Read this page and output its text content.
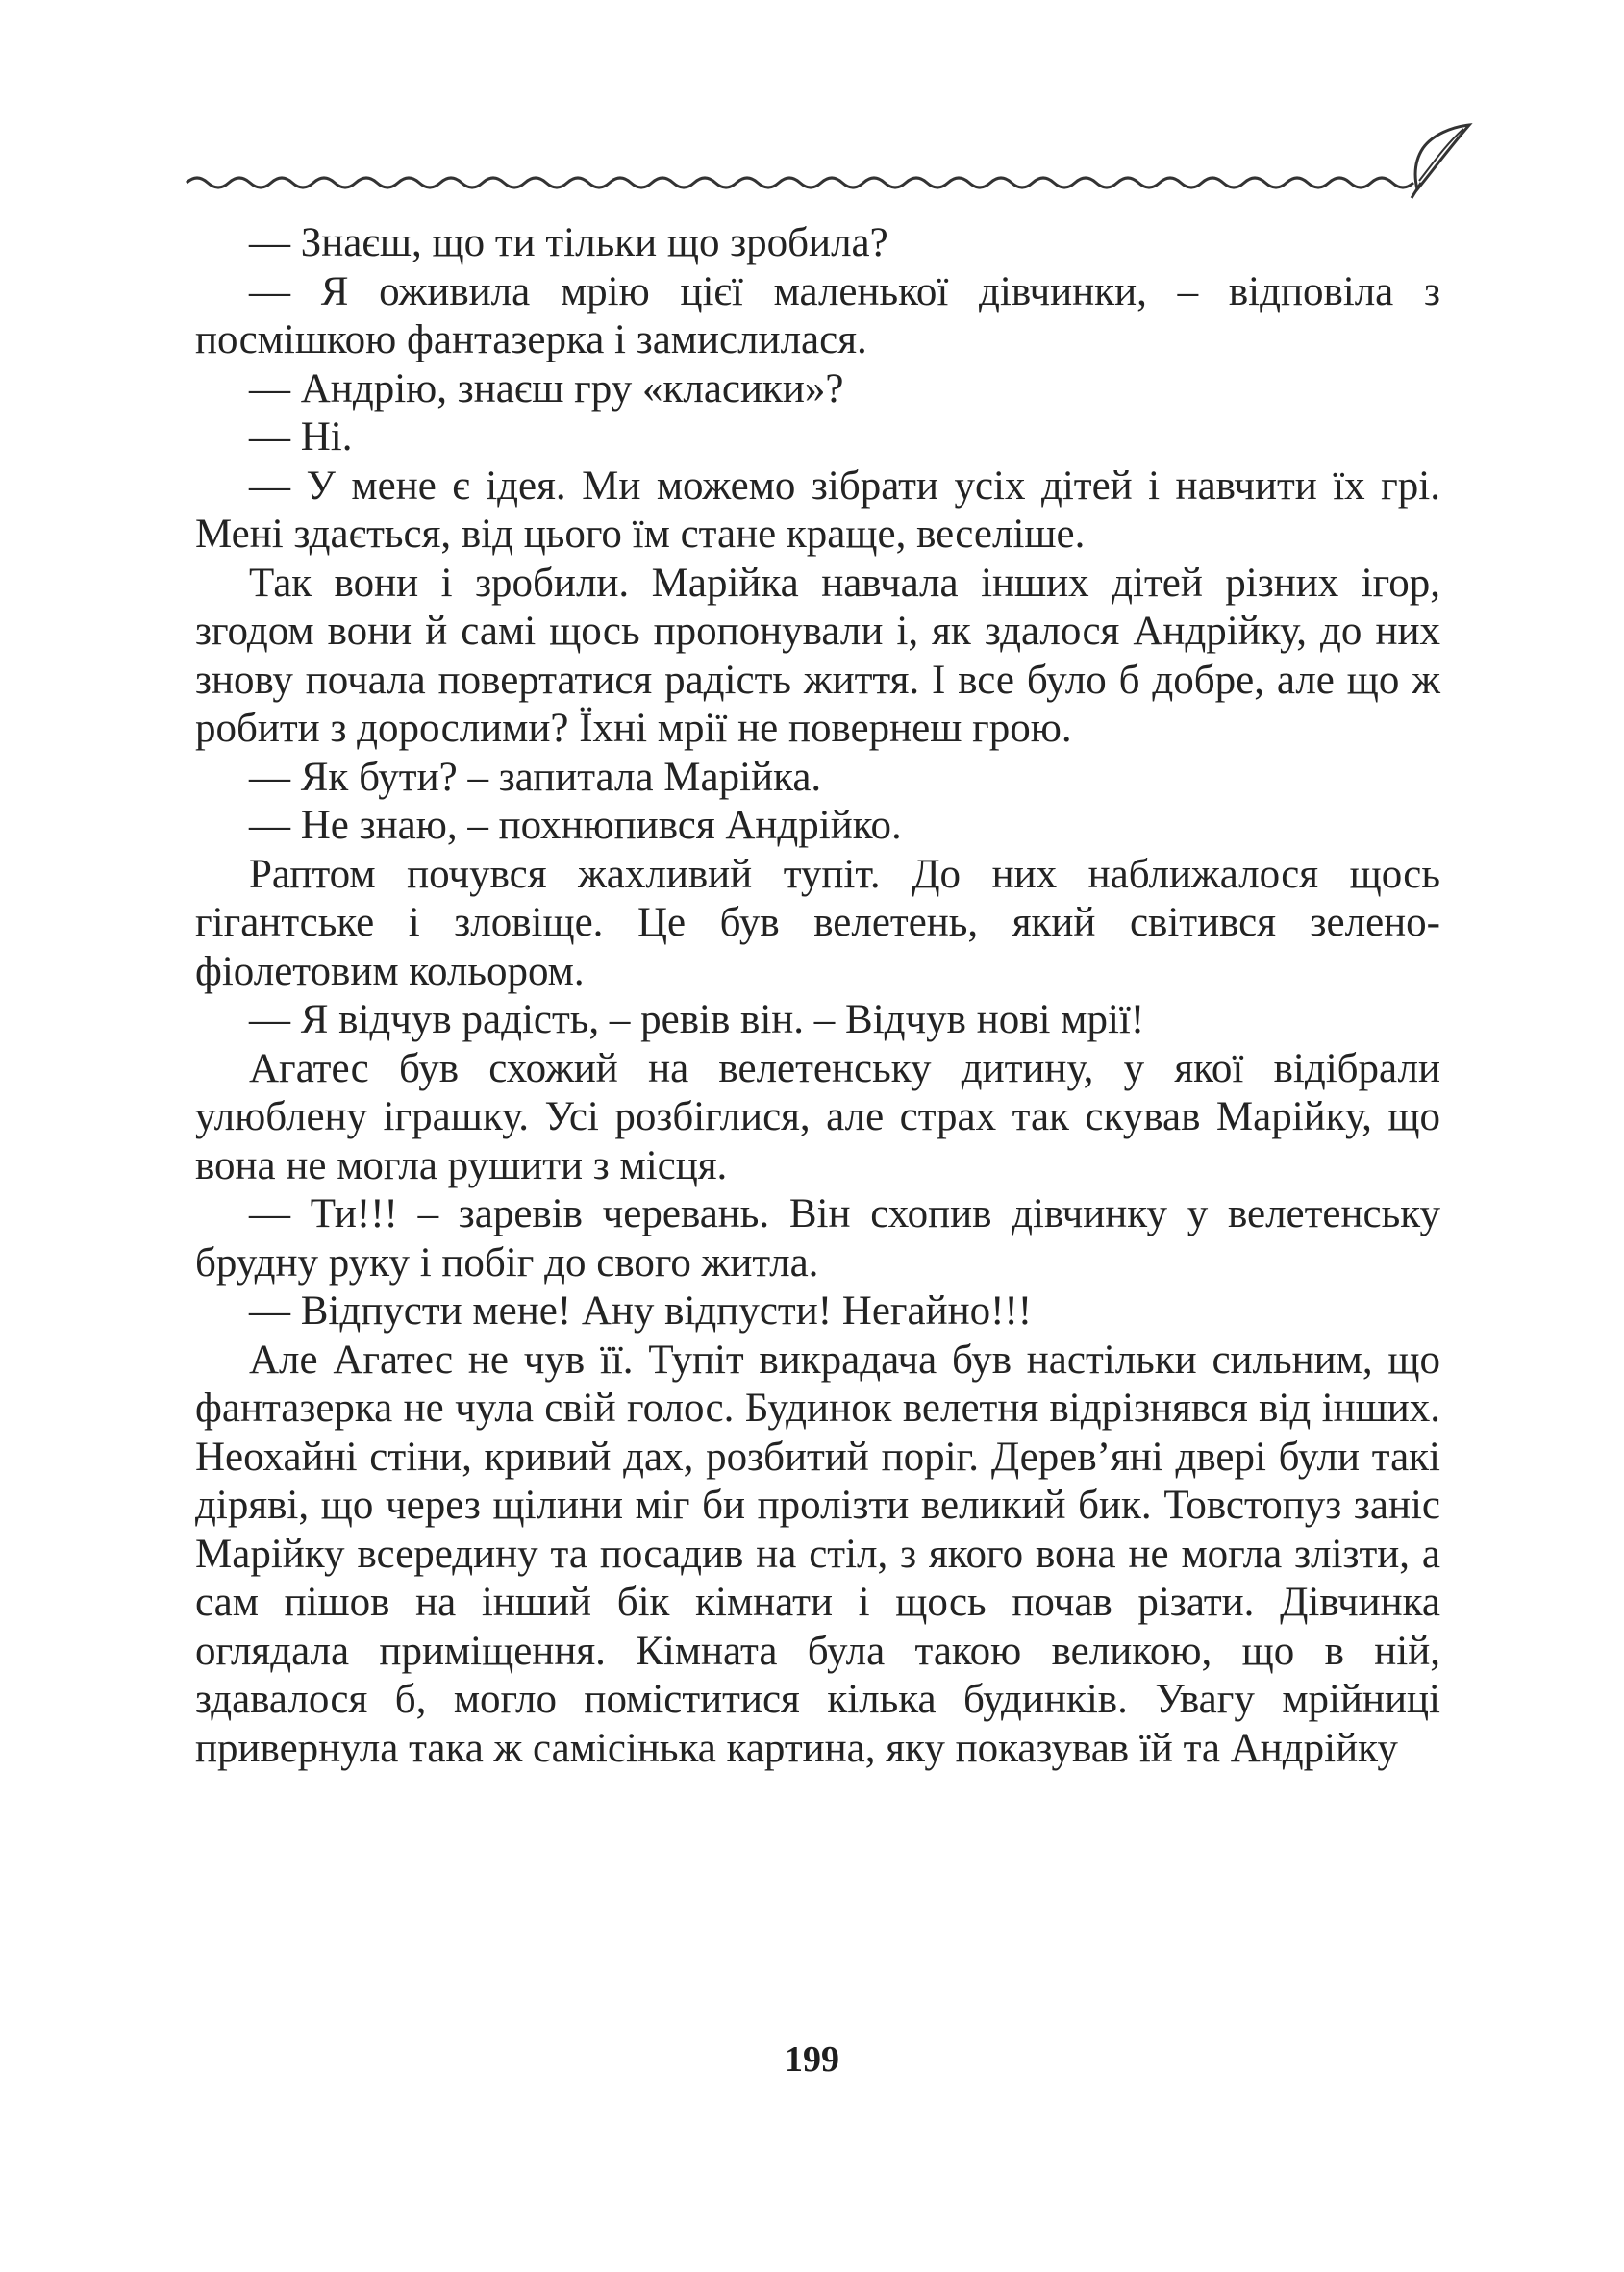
— Знаєш, що ти тільки що зробила?

— Я оживила мрію цієї маленької дівчинки, – відповіла з посмішкою фантазерка і замислилася.

— Андрію, знаєш гру «класики»?

— Ні.

— У мене є ідея. Ми можемо зібрати усіх дітей і навчити їх грі. Мені здається, від цього їм стане краще, веселіше.

Так вони і зробили. Марійка навчала інших дітей різних ігор, згодом вони й самі щось пропонували і, як здалося Андрійку, до них знову почала повертатися радість життя. І все було б добре, але що ж робити з дорослими? Їхні мрії не повернеш грою.

— Як бути? – запитала Марійка.

— Не знаю, – похнюпився Андрійко.

Раптом почувся жахливий тупіт. До них наближалося щось гігантське і зловіще. Це був велетень, який світився зелено-фіолетовим кольором.

— Я відчув радість, – ревів він. – Відчув нові мрії!

Агатес був схожий на велетенську дитину, у якої відібрали улюблену іграшку. Усі розбіглися, але страх так скував Марійку, що вона не могла рушити з місця.

— Ти!!! – заревів черевань. Він схопив дівчинку у велетенську брудну руку і побіг до свого житла.

— Відпусти мене! Ану відпусти! Негайно!!!

Але Агатес не чув її. Тупіт викрадача був настільки сильним, що фантазерка не чула свій голос. Будинок велетня відрізнявся від інших. Неохайні стіни, кривий дах, розбитий поріг. Дерев’яні двері були такі діряві, що через щілини міг би пролізти великий бик. Товстопуз заніс Марійку всередину та посадив на стіл, з якого вона не могла злізти, а сам пішов на інший бік кімнати і щось почав різати. Дівчинка оглядала приміщення. Кімната була такою великою, що в ній, здавалося б, могло поміститися кілька будинків. Увагу мрійниці привернула така ж самісінька картина, яку показував їй та Андрійку

199
